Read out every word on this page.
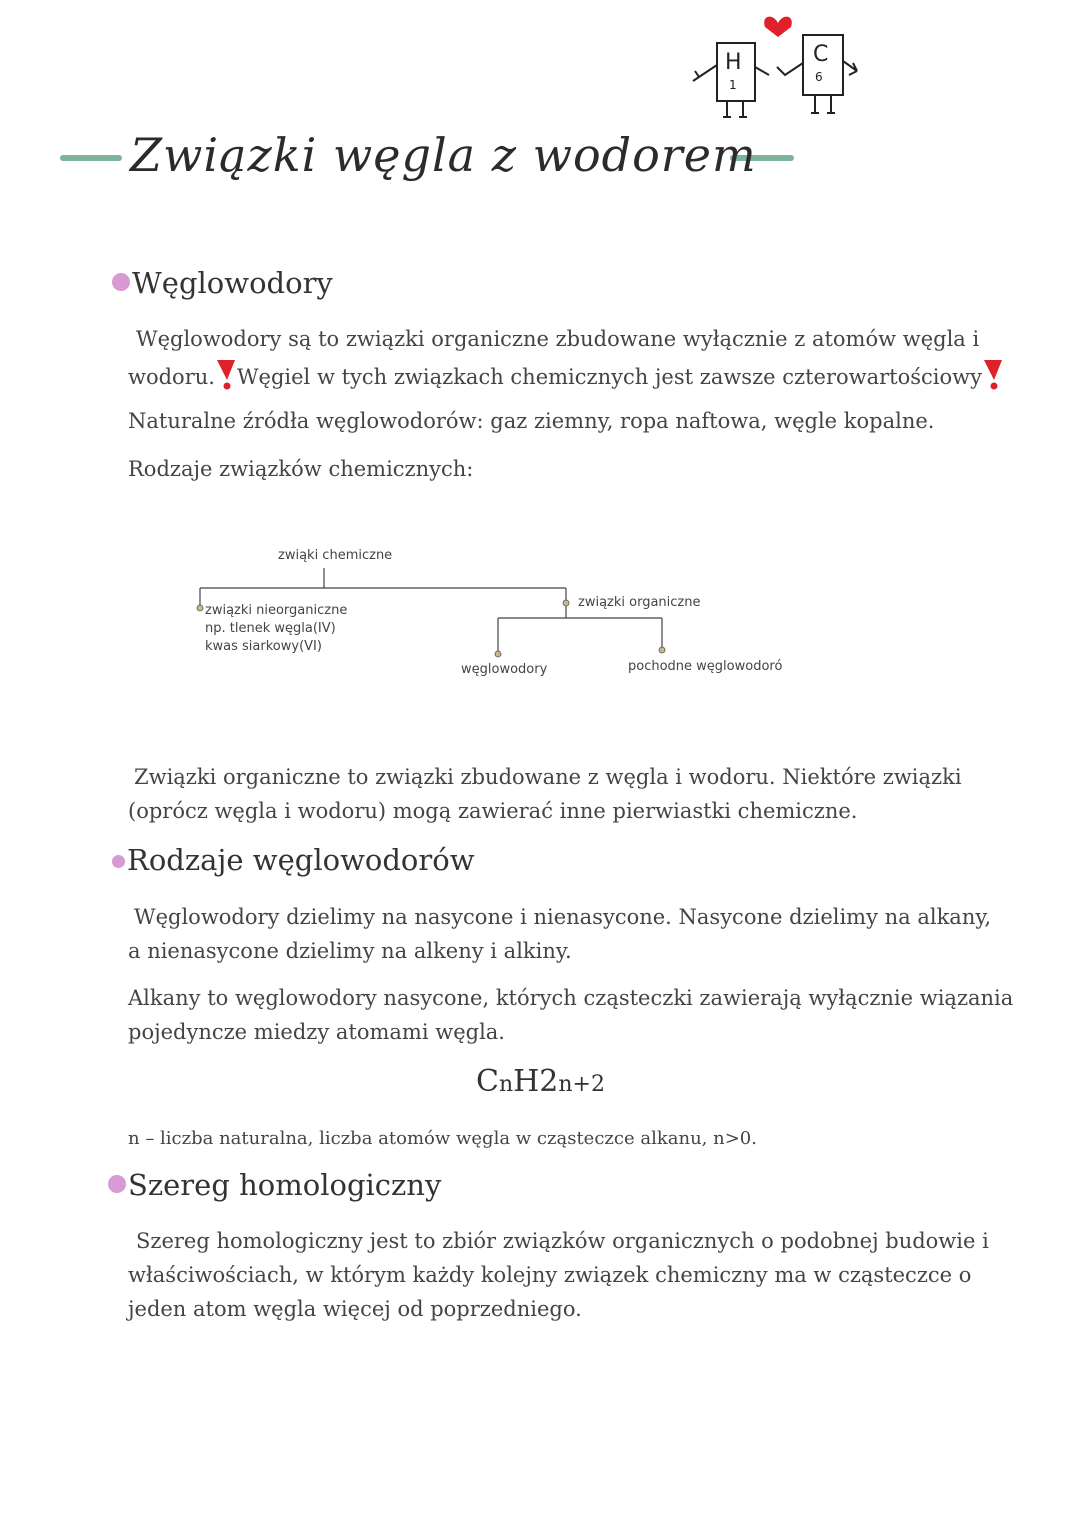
Związki węgla z wodorem
H
1
C
6
Węglowodory
Węglowodory są to związki organiczne zbudowane wyłącznie z atomów węgla i
wodoru. Węgiel w tych związkach chemicznych jest zawsze czterowartościowy
Naturalne źródła węglowodorów: gaz ziemny, ropa naftowa, węgle kopalne.
Rodzaje związków chemicznych:
zwiąki chemiczne
związki nieorganiczne
np. tlenek węgla(IV)
kwas siarkowy(VI)
związki organiczne
węglowodory	pochodne węglowodoró
Związki organiczne to związki zbudowane z węgla i wodoru. Niektóre związki
(oprócz węgla i wodoru) mogą zawierać inne pierwiastki chemiczne.
Rodzaje węglowodorów
Węglowodory dzielimy na nasycone i nienasycone. Nasycone dzielimy na alkany,
a nienasycone dzielimy na alkeny i alkiny.
Alkany to węglowodory nasycone, których cząsteczki zawierają wyłącznie wiązania
pojedyncze miedzy atomami węgla.
CnH2n+2
n – liczba naturalna, liczba atomów węgla w cząsteczce alkanu, n>0.
Szereg homologiczny
Szereg homologiczny jest to zbiór związków organicznych o podobnej budowie i
właściwościach, w którym każdy kolejny związek chemiczny ma w cząsteczce o
jeden atom węgla więcej od poprzedniego.
